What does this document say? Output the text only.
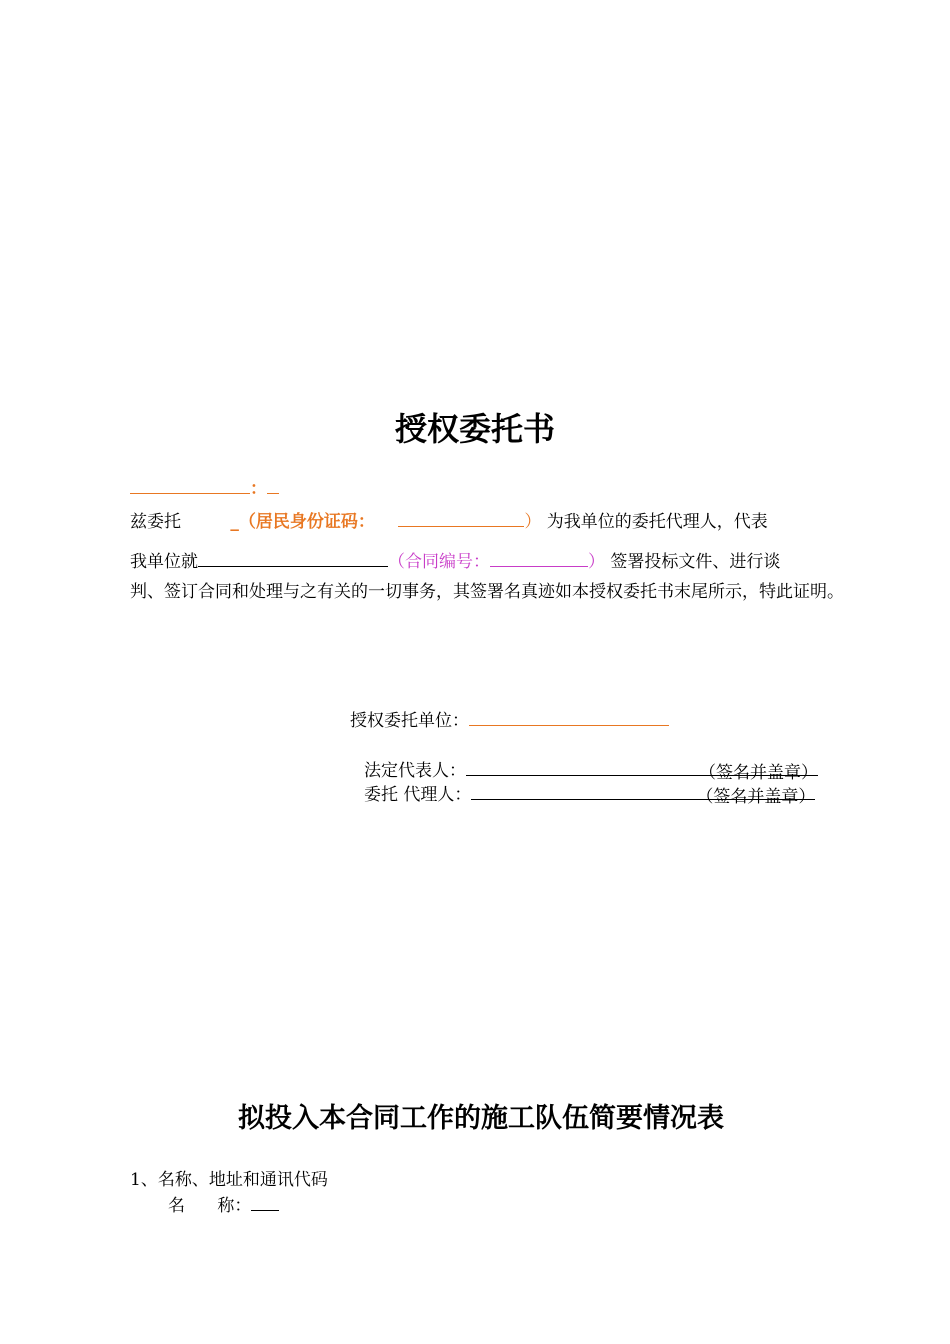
授权委托书
：
兹委托	_（居民身份证码：	） 为我单位的委托代理人，代表
我单位就	（合同编号：	） 签署投标文件、进行谈
判、签订合同和处理与之有关的一切事务，其签署名真迹如本授权委托书末尾所示，特此证明。
授权委托单位：
法定代表人：	（签名并盖章）
委托 代理人：	（签名并盖章）
拟投入本合同工作的施工队伍简要情况表
1、名称、地址和通讯代码
名      称：
